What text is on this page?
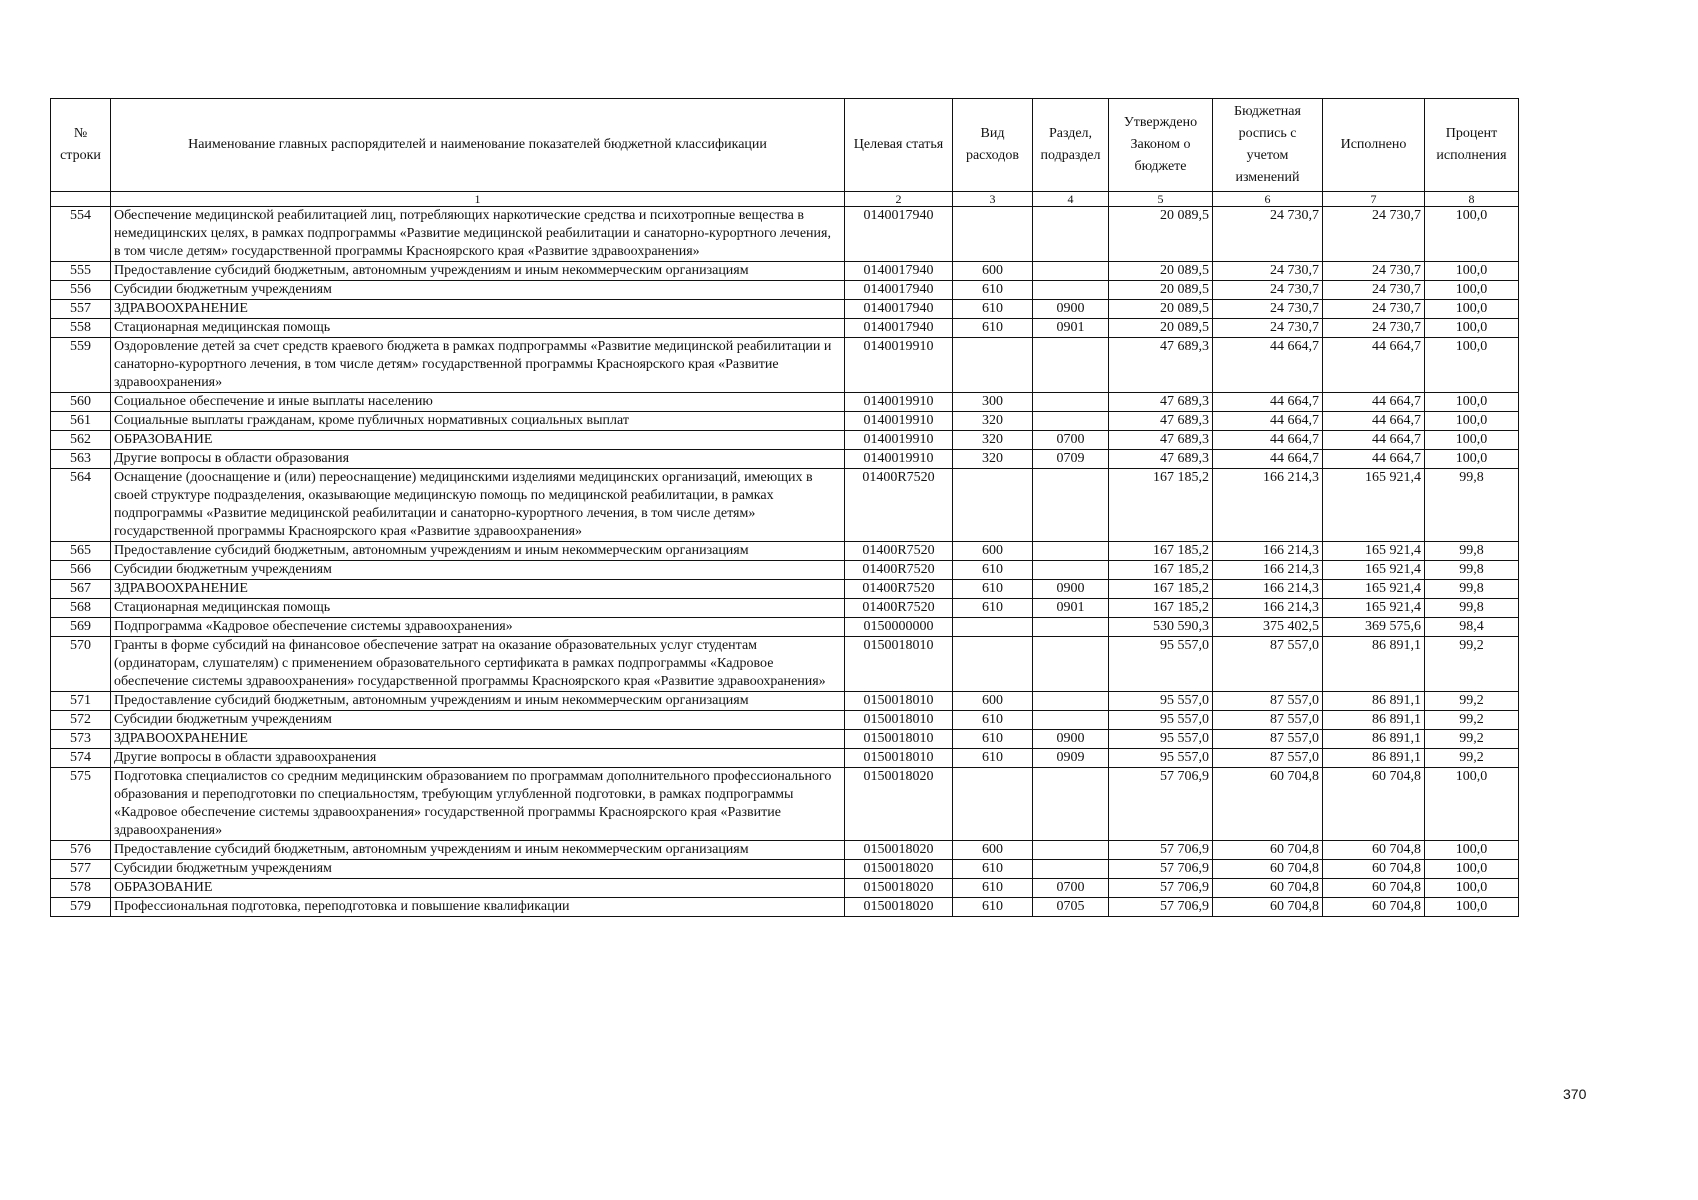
№ строки	Наименование главных распорядителей и наименование показателей бюджетной классификации	Целевая статья	Вид расходов	Раздел, подраздел	Утверждено Законом о бюджете	Бюджетная роспись с учетом изменений	Исполнено	Процент исполнения
	1	2	3	4	5	6	7	8
554	Обеспечение медицинской реабилитацией лиц, потребляющих наркотические средства и психотропные вещества в немедицинских целях, в рамках подпрограммы «Развитие медицинской реабилитации и санаторно-курортного лечения, в том числе детям» государственной программы Красноярского края «Развитие здравоохранения»	0140017940			20 089,5	24 730,7	24 730,7	100,0
555	Предоставление субсидий бюджетным, автономным учреждениям и иным некоммерческим организациям	0140017940	600		20 089,5	24 730,7	24 730,7	100,0
556	Субсидии бюджетным учреждениям	0140017940	610		20 089,5	24 730,7	24 730,7	100,0
557	ЗДРАВООХРАНЕНИЕ	0140017940	610	0900	20 089,5	24 730,7	24 730,7	100,0
558	Стационарная медицинская помощь	0140017940	610	0901	20 089,5	24 730,7	24 730,7	100,0
559	Оздоровление детей за счет средств краевого бюджета в рамках подпрограммы «Развитие медицинской реабилитации и санаторно-курортного лечения, в том числе детям» государственной программы Красноярского края «Развитие здравоохранения»	0140019910			47 689,3	44 664,7	44 664,7	100,0
560	Социальное обеспечение и иные выплаты населению	0140019910	300		47 689,3	44 664,7	44 664,7	100,0
561	Социальные выплаты гражданам, кроме публичных нормативных социальных выплат	0140019910	320		47 689,3	44 664,7	44 664,7	100,0
562	ОБРАЗОВАНИЕ	0140019910	320	0700	47 689,3	44 664,7	44 664,7	100,0
563	Другие вопросы в области образования	0140019910	320	0709	47 689,3	44 664,7	44 664,7	100,0
564	Оснащение (дооснащение и (или) переоснащение) медицинскими изделиями медицинских организаций, имеющих в своей структуре подразделения, оказывающие медицинскую помощь по медицинской реабилитации, в рамках подпрограммы «Развитие медицинской реабилитации и санаторно-курортного лечения, в том числе детям» государственной программы Красноярского края «Развитие здравоохранения»	01400R7520			167 185,2	166 214,3	165 921,4	99,8
565	Предоставление субсидий бюджетным, автономным учреждениям и иным некоммерческим организациям	01400R7520	600		167 185,2	166 214,3	165 921,4	99,8
566	Субсидии бюджетным учреждениям	01400R7520	610		167 185,2	166 214,3	165 921,4	99,8
567	ЗДРАВООХРАНЕНИЕ	01400R7520	610	0900	167 185,2	166 214,3	165 921,4	99,8
568	Стационарная медицинская помощь	01400R7520	610	0901	167 185,2	166 214,3	165 921,4	99,8
569	Подпрограмма «Кадровое обеспечение системы здравоохранения»	0150000000			530 590,3	375 402,5	369 575,6	98,4
570	Гранты в форме субсидий на финансовое обеспечение затрат на оказание образовательных услуг студентам (ординаторам, слушателям) с применением образовательного сертификата в рамках подпрограммы «Кадровое обеспечение системы здравоохранения» государственной программы Красноярского края «Развитие здравоохранения»	0150018010			95 557,0	87 557,0	86 891,1	99,2
571	Предоставление субсидий бюджетным, автономным учреждениям и иным некоммерческим организациям	0150018010	600		95 557,0	87 557,0	86 891,1	99,2
572	Субсидии бюджетным учреждениям	0150018010	610		95 557,0	87 557,0	86 891,1	99,2
573	ЗДРАВООХРАНЕНИЕ	0150018010	610	0900	95 557,0	87 557,0	86 891,1	99,2
574	Другие вопросы в области здравоохранения	0150018010	610	0909	95 557,0	87 557,0	86 891,1	99,2
575	Подготовка специалистов со средним медицинским образованием по программам дополнительного профессионального образования и переподготовки по специальностям, требующим углубленной подготовки, в рамках подпрограммы «Кадровое обеспечение системы здравоохранения» государственной программы Красноярского края «Развитие здравоохранения»	0150018020			57 706,9	60 704,8	60 704,8	100,0
576	Предоставление субсидий бюджетным, автономным учреждениям и иным некоммерческим организациям	0150018020	600		57 706,9	60 704,8	60 704,8	100,0
577	Субсидии бюджетным учреждениям	0150018020	610		57 706,9	60 704,8	60 704,8	100,0
578	ОБРАЗОВАНИЕ	0150018020	610	0700	57 706,9	60 704,8	60 704,8	100,0
579	Профессиональная подготовка, переподготовка и повышение квалификации	0150018020	610	0705	57 706,9	60 704,8	60 704,8	100,0
370
